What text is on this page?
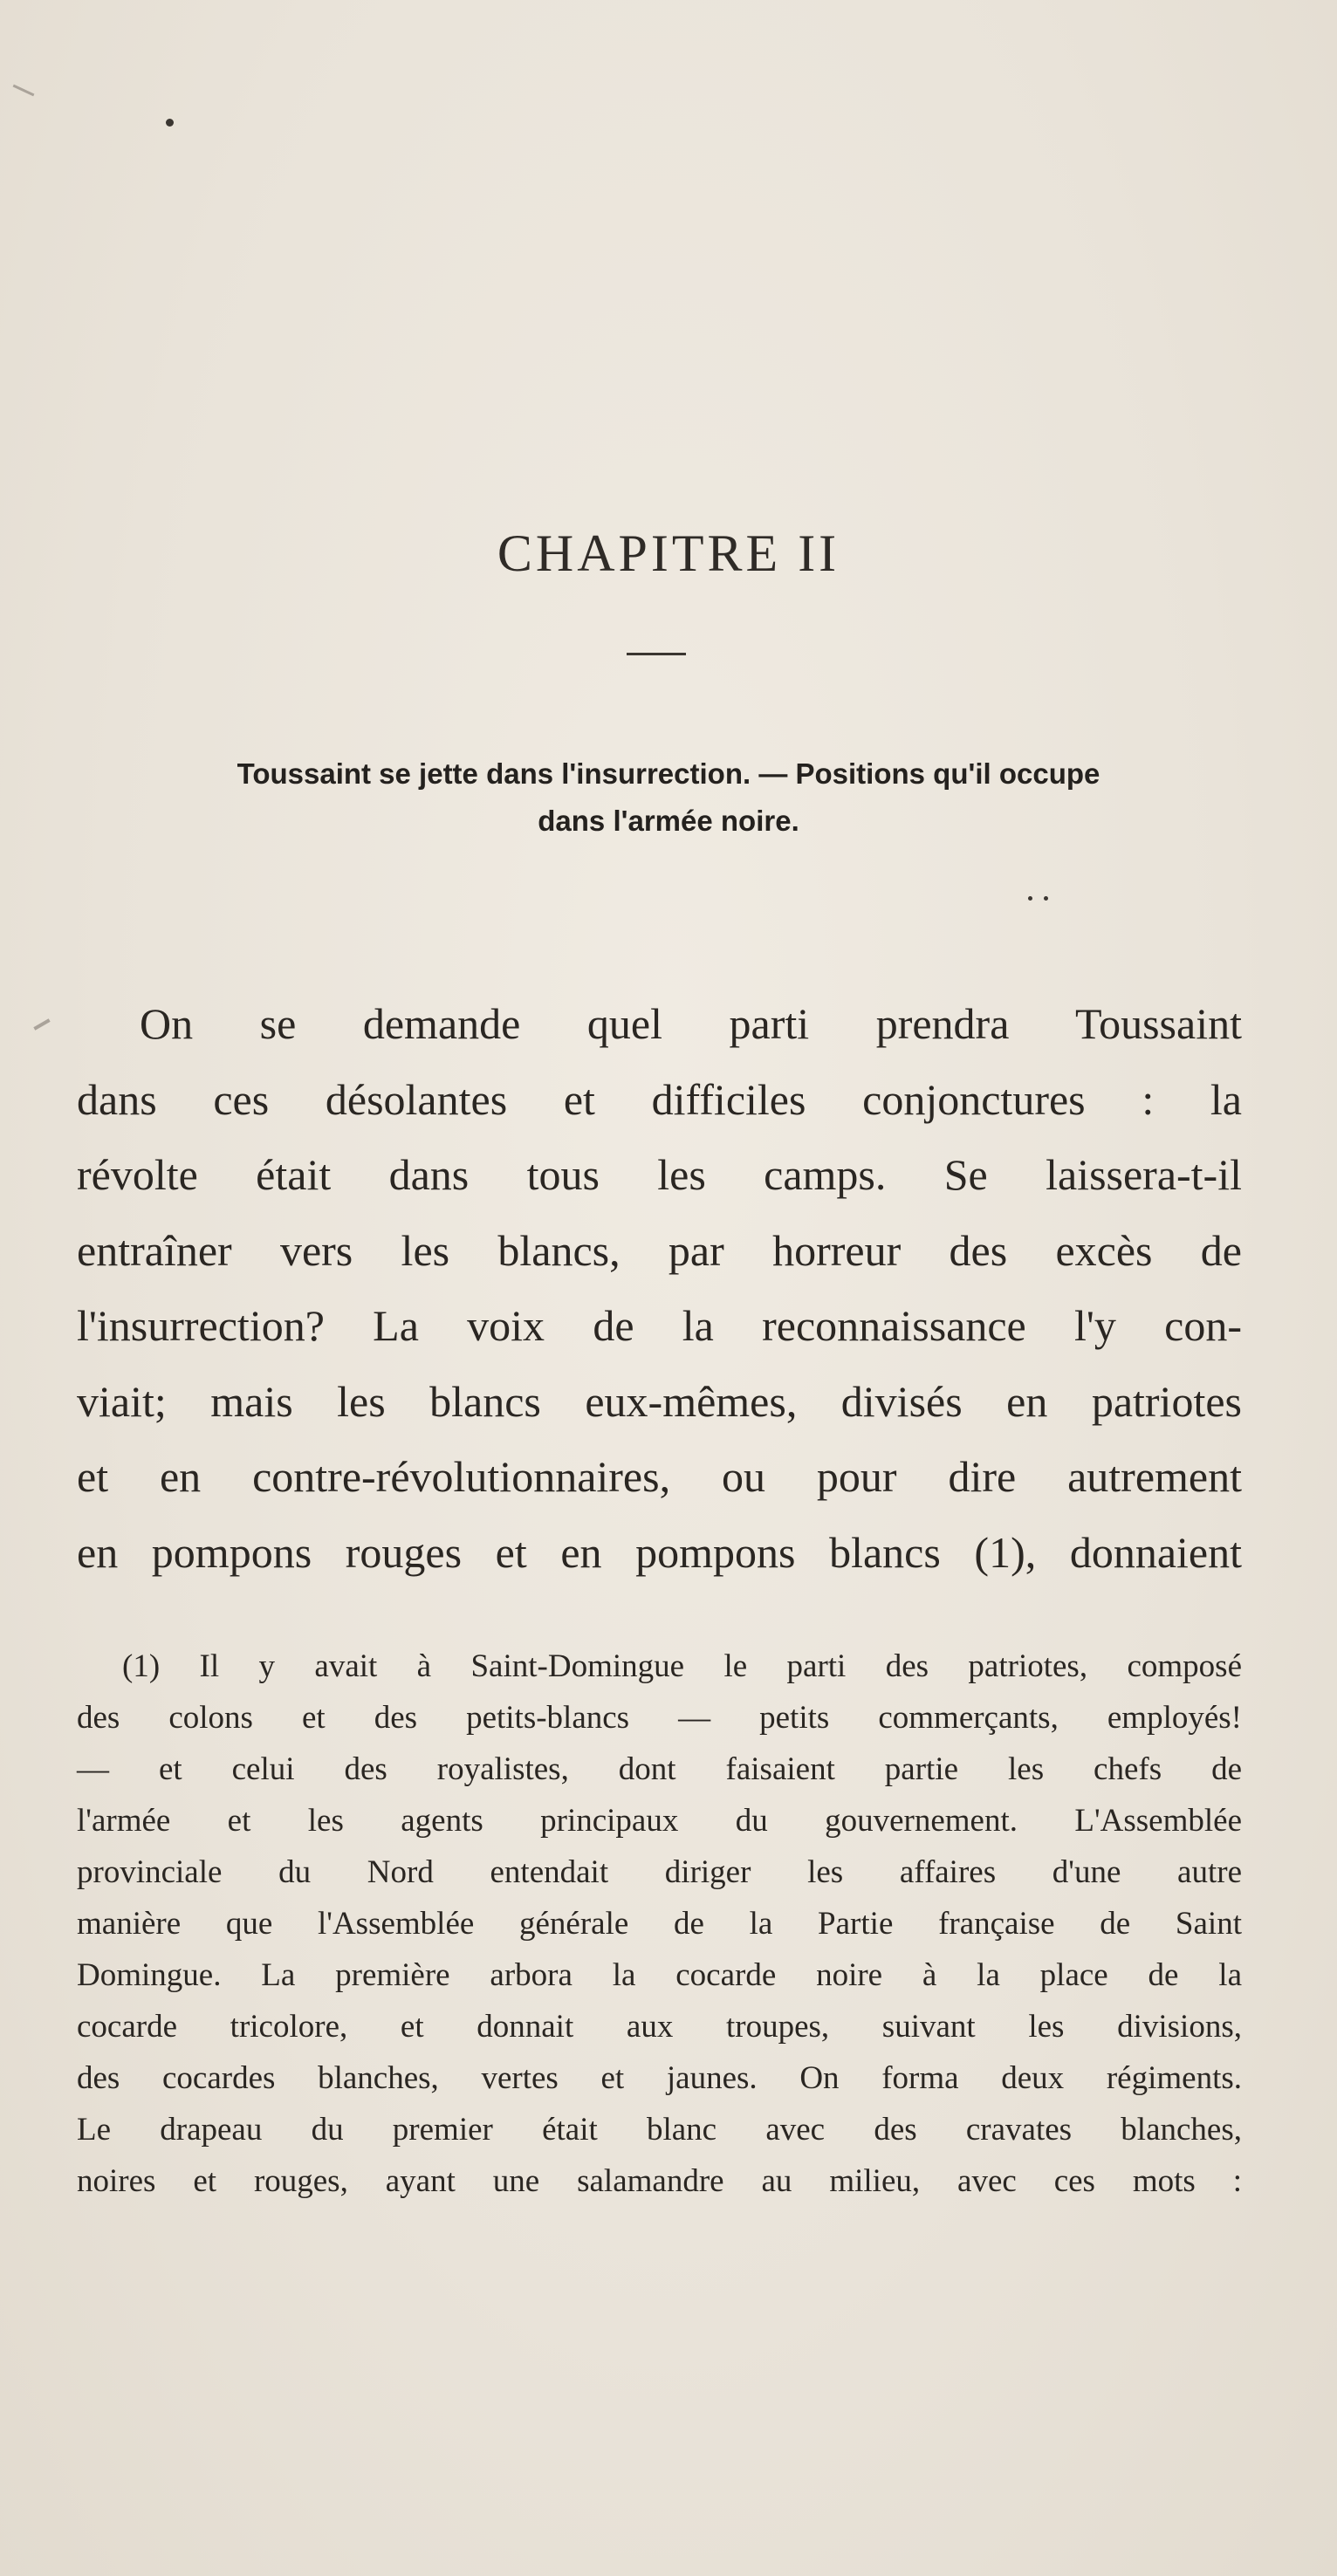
CHAPITRE II
Toussaint se jette dans l'insurrection. — Positions qu'il occupe
dans l'armée noire.
On se demande quel parti prendra Toussaint
dans ces désolantes et difficiles conjonctures : la
révolte était dans tous les camps. Se laissera-t-il
entraîner vers les blancs, par horreur des excès de
l'insurrection? La voix de la reconnaissance l'y con-
viait; mais les blancs eux-mêmes, divisés en patriotes
et en contre-révolutionnaires, ou pour dire autrement
en pompons rouges et en pompons blancs (1), donnaient
(1) Il y avait à Saint-Domingue le parti des patriotes, composé
des colons et des petits-blancs — petits commerçants, employés!
— et celui des royalistes, dont faisaient partie les chefs de
l'armée et les agents principaux du gouvernement. L'Assemblée
provinciale du Nord entendait diriger les affaires d'une autre
manière que l'Assemblée générale de la Partie française de Saint
Domingue. La première arbora la cocarde noire à la place de la
cocarde tricolore, et donnait aux troupes, suivant les divisions,
des cocardes blanches, vertes et jaunes. On forma deux régiments.
Le drapeau du premier était blanc avec des cravates blanches,
noires et rouges, ayant une salamandre au milieu, avec ces mots :
